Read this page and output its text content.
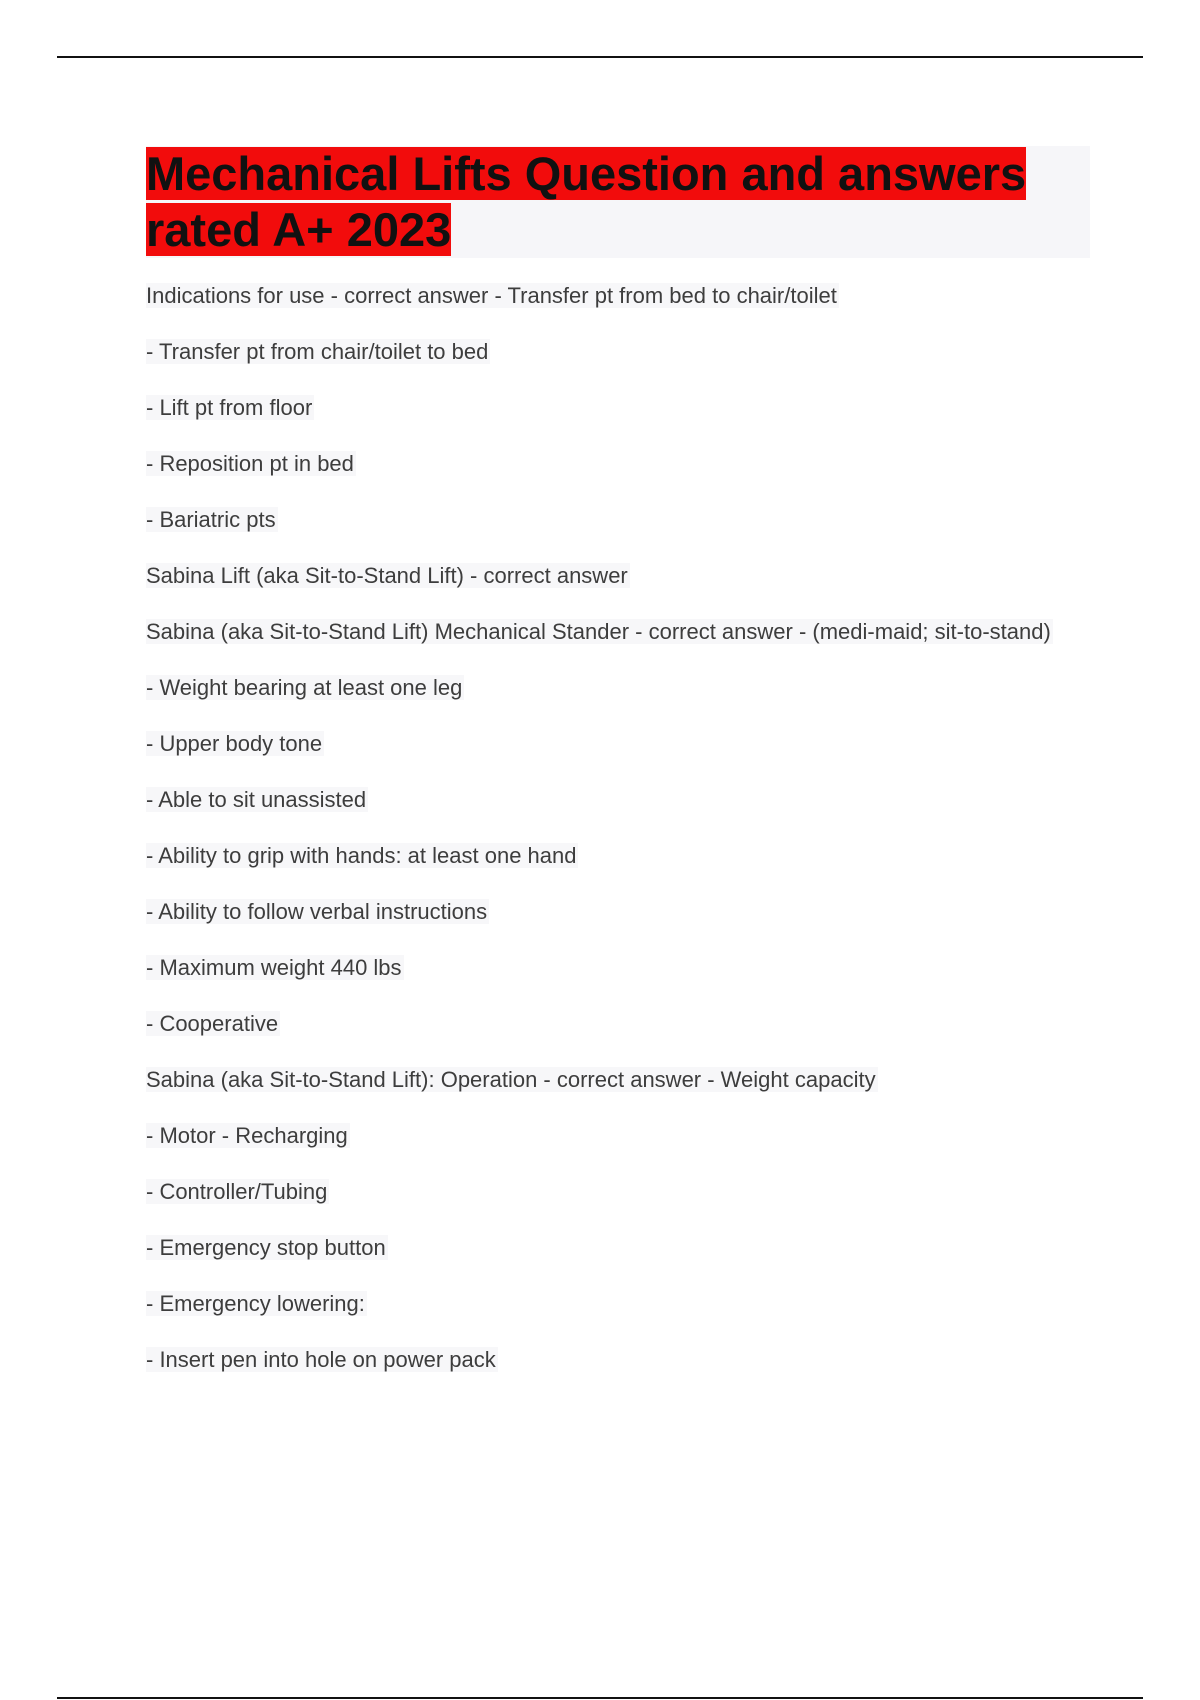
Mechanical Lifts Question and answers rated A+ 2023

Indications for use - correct answer - Transfer pt from bed to chair/toilet

- Transfer pt from chair/toilet to bed

- Lift pt from floor

- Reposition pt in bed

- Bariatric pts

Sabina Lift (aka Sit-to-Stand Lift) - correct answer

Sabina (aka Sit-to-Stand Lift) Mechanical Stander - correct answer - (medi-maid; sit-to-stand)

- Weight bearing at least one leg

- Upper body tone

- Able to sit unassisted

- Ability to grip with hands: at least one hand

- Ability to follow verbal instructions

- Maximum weight 440 lbs

- Cooperative

Sabina (aka Sit-to-Stand Lift): Operation - correct answer - Weight capacity

- Motor - Recharging

- Controller/Tubing

- Emergency stop button

- Emergency lowering:

- Insert pen into hole on power pack
